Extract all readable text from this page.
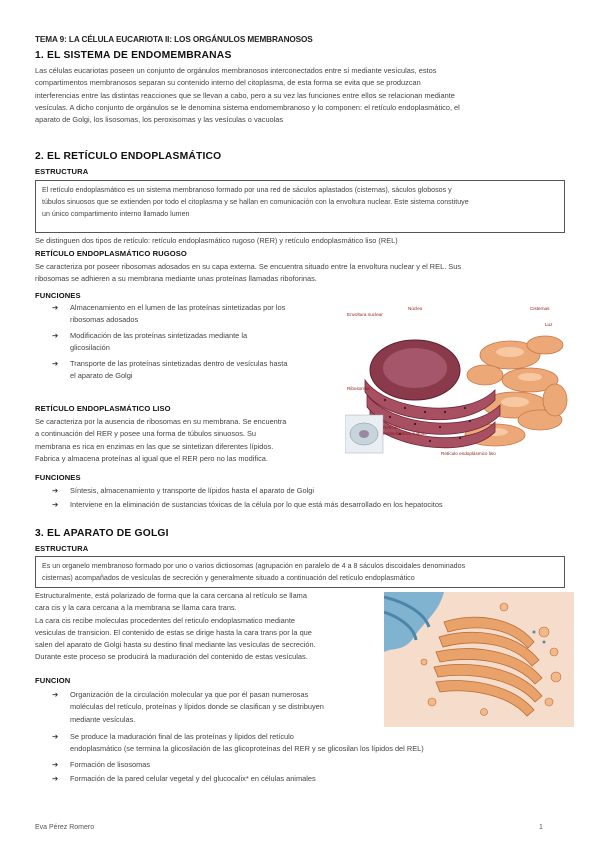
TEMA 9: LA CÉLULA EUCARIOTA II: LOS ORGÁNULOS MEMBRANOSOS
1. EL SISTEMA DE ENDOMEMBRANAS
Las células eucariotas poseen un conjunto de orgánulos membranosos interconectados entre sí mediante vesículas, estos
compartimentos membranosos separan su contenido interno del citoplasma, de esta forma se evita que se produzcan
interferencias entre las distintas reacciones que se llevan a cabo, pero a su vez las funciones entre ellos se relacionan mediante
vesículas. A dicho conjunto de orgánulos se le denomina sistema endomembranoso y lo componen: el retículo endoplasmático, el
aparato de Golgi, los lisosomas, los peroxisomas y las vesículas o vacuolas
2. EL RETÍCULO ENDOPLASMÁTICO
ESTRUCTURA
El retículo endoplasmático es un sistema membranoso formado por una red de sáculos aplastados (cisternas), sáculos globosos y
túbulos sinuosos que se extienden por todo el citoplasma y se hallan en comunicación con la envoltura nuclear. Este sistema constituye
un único compartimento interno llamado lumen
Se distinguen dos tipos de retículo: retículo endoplasmático rugoso (RER) y retículo endoplasmático liso (REL)
RETÍCULO ENDOPLASMÁTICO RUGOSO
Se caracteriza por poseer ribosomas adosados en su capa externa. Se encuentra situado entre la envoltura nuclear y el REL. Sus
ribosomas se adhieren a su membrana mediante unas proteínas llamadas riboforinas.
FUNCIONES
➔ Almacenamiento en el lumen de las proteínas sintetizadas por los
ribosomas adosados
➔ Modificación de las proteínas sintetizadas mediante la
glicosilación
➔ Transporte de las proteínas sintetizadas dentro de vesículas hasta
el aparato de Golgi
RETÍCULO ENDOPLASMÁTICO LISO
Se caracteriza por la ausencia de ribosomas en su membrana. Se encuentra
a continuación del RER y posee una forma de túbulos sinuosos. Su
membrana es rica en enzimas en las que se sintetizan diferentes lípidos.
Fabrica y almacena proteínas al igual que el RER pero no las modifica.
FUNCIONES
➔ Síntesis, almacenamiento y transporte de lípidos hasta el aparato de Golgi
➔ Interviene en la eliminación de sustancias tóxicas de la célula por lo que está más desarrollado en los hepatocitos
Envoltura nuclear
Núcleo	Cisternas
Luz
Ribosomas
Retículo
endoplásmico rugoso
Retículo endoplásmico liso
3. EL APARATO DE GOLGI
ESTRUCTURA
Es un organelo membranoso formado por uno o varios dictiosomas (agrupación en paralelo de 4 a 8 sáculos discoidales denominados
cisternas) acompañados de vesículas de secreción y generalmente situado a continuación del retículo endoplasmático
Estructuralmente, está polarizado de forma que la cara cercana al retículo se llama
cara cis y la cara cercana a la membrana se llama cara trans.
La cara cis recibe moleculas procedentes del reticulo endoplasmatico mediante
vesiculas de transicion. El contenido de estas se dirige hasta la cara trans por la que
salen del aparato de Golgi hasta su destino final mediante las vesículas de secreción.
Durante este proceso se producirá la maduración del contenido de estas vesículas.
FUNCION
➔ Organización de la circulación molecular ya que por él pasan numerosas
moléculas del retículo, proteínas y lípidos donde se clasifican y se distribuyen
mediante vesículas.
➔ Se produce la maduración final de las proteínas y lípidos del retículo
endoplasmático (se termina la glicosilación de las glicoproteínas del RER y se glicosilan los lípidos del REL)
➔ Formación de lisosomas
➔ Formación de la pared celular vegetal y del glucocalix* en células animales
Eva Pérez Romero	1
